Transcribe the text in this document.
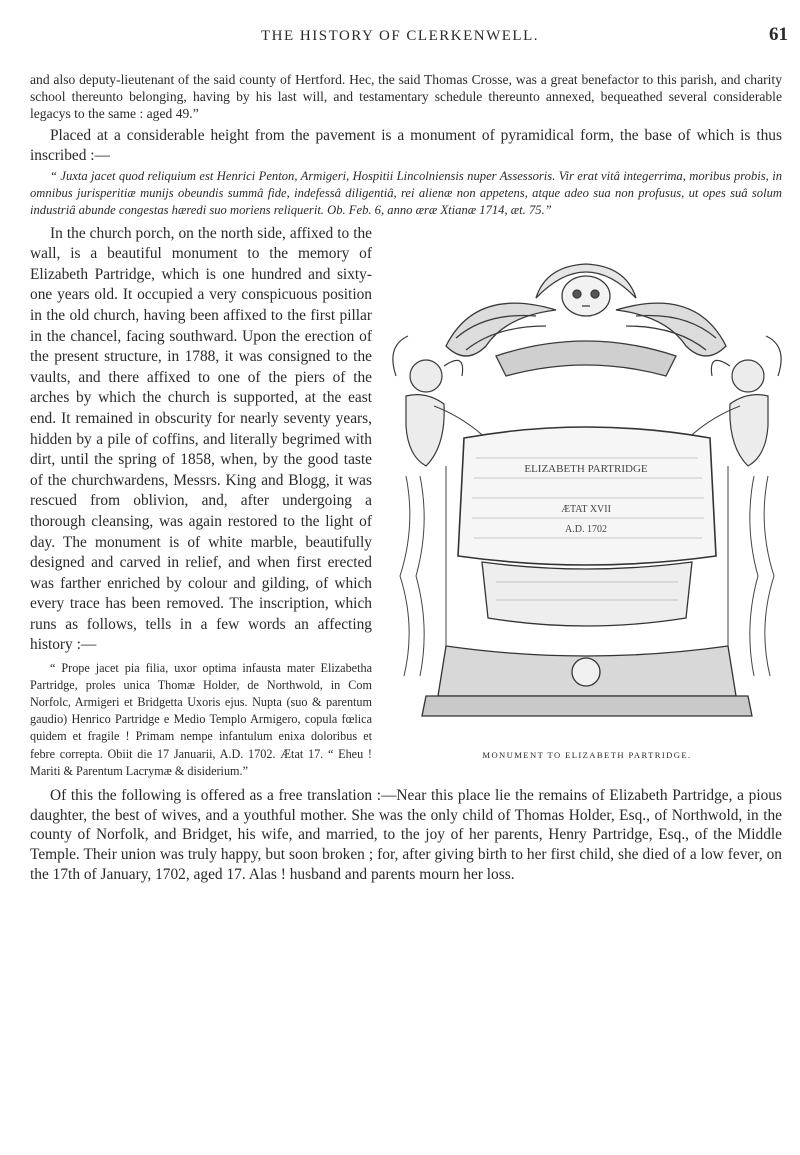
THE HISTORY OF CLERKENWELL.	61

and also deputy-lieutenant of the said county of Hertford. Hec, the said Thomas Crosse, was a great benefactor to this parish, and charity school thereunto belonging, having by his last will, and testamentary schedule thereunto annexed, bequeathed several considerable legacys to the same : aged 49.”

Placed at a considerable height from the pavement is a monument of pyramidical form, the base of which is thus inscribed :—

“ Juxta jacet quod reliquium est Henrici Penton, Armigeri, Hospitii Lincolniensis nuper Assessoris. Vir erat vitâ integerrima, moribus probis, in omnibus jurisperitiæ munijs obeundis summâ fide, indefessâ diligentiâ, rei alienæ non appetens, atque adeo sua non profusus, ut opes suâ solum industriâ abunde congestas hæredi suo moriens reliquerit. Ob. Feb. 6, anno æræ Xtianæ 1714, æt. 75.”

ELIZABETH PARTRIDGE
ÆTAT XVII
A.D. 1702
MONUMENT TO ELIZABETH PARTRIDGE.

In the church porch, on the north side, affixed to the wall, is a beautiful monument to the memory of Elizabeth Partridge, which is one hundred and sixty-one years old. It occupied a very conspicuous position in the old church, having been affixed to the first pillar in the chancel, facing southward. Upon the erection of the present structure, in 1788, it was consigned to the vaults, and there affixed to one of the piers of the arches by which the church is supported, at the east end. It remained in obscurity for nearly seventy years, hidden by a pile of coffins, and literally begrimed with dirt, until the spring of 1858, when, by the good taste of the churchwardens, Messrs. King and Blogg, it was rescued from oblivion, and, after undergoing a thorough cleansing, was again restored to the light of day. The monument is of white marble, beautifully designed and carved in relief, and when first erected was farther enriched by colour and gilding, of which every trace has been removed. The inscription, which runs as follows, tells in a few words an affecting history :—

“ Prope jacet pia filia, uxor optima infausta mater Elizabetha Partridge, proles unica Thomæ Holder, de Northwold, in Com Norfolc, Armigeri et Bridgetta Uxoris ejus. Nupta (suo & parentum gaudio) Henrico Partridge e Medio Templo Armigero, copula fœlica quidem et fragile ! Primam nempe infantulum enixa doloribus et febre correpta. Obiit die 17 Januarii, A.D. 1702. Ætat 17. “ Eheu ! Mariti & Parentum Lacrymæ & disiderium.”

Of this the following is offered as a free translation :—Near this place lie the remains of Elizabeth Partridge, a pious daughter, the best of wives, and a youthful mother. She was the only child of Thomas Holder, Esq., of Northwold, in the county of Norfolk, and Bridget, his wife, and married, to the joy of her parents, Henry Partridge, Esq., of the Middle Temple. Their union was truly happy, but soon broken ; for, after giving birth to her first child, she died of a low fever, on the 17th of January, 1702, aged 17. Alas ! husband and parents mourn her loss.
